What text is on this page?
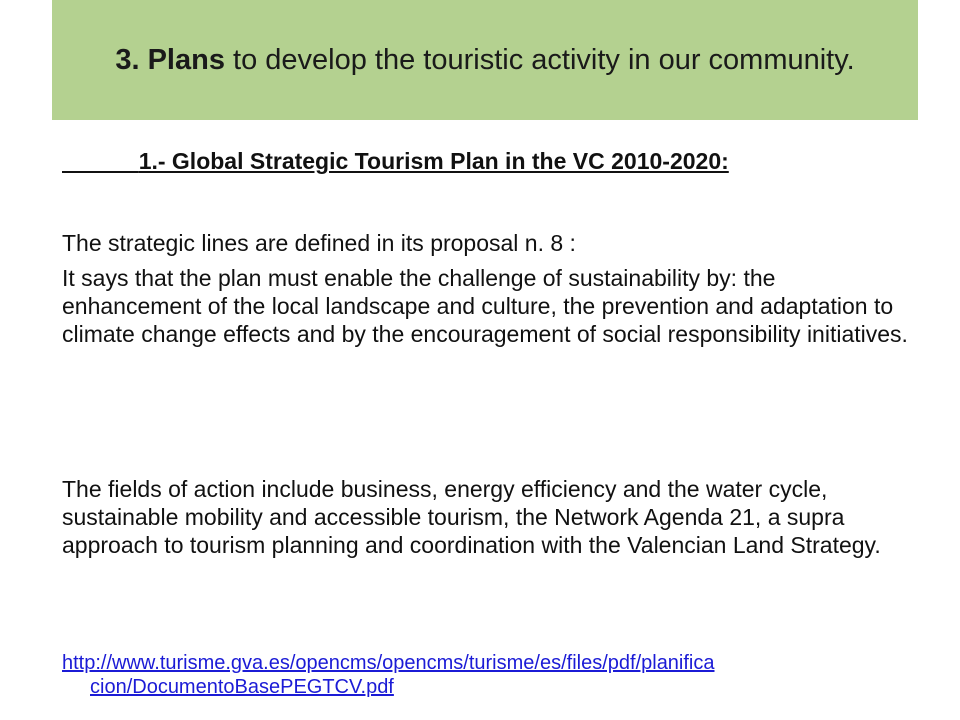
3. Plans to develop the touristic activity in our community.
1.- Global Strategic Tourism Plan in the VC 2010-2020:
The strategic lines are defined in its proposal n. 8 :
It says that the plan must enable the challenge of sustainability by: the enhancement of the local landscape and culture, the prevention and adaptation to climate change effects and by the encouragement of social responsibility initiatives.
The fields of action include business, energy efficiency and the water cycle, sustainable mobility and accessible tourism, the Network Agenda 21, a supra approach to tourism planning and coordination with the Valencian Land Strategy.
http://www.turisme.gva.es/opencms/opencms/turisme/es/files/pdf/planifica
cion/DocumentoBasePEGTCV.pdf
